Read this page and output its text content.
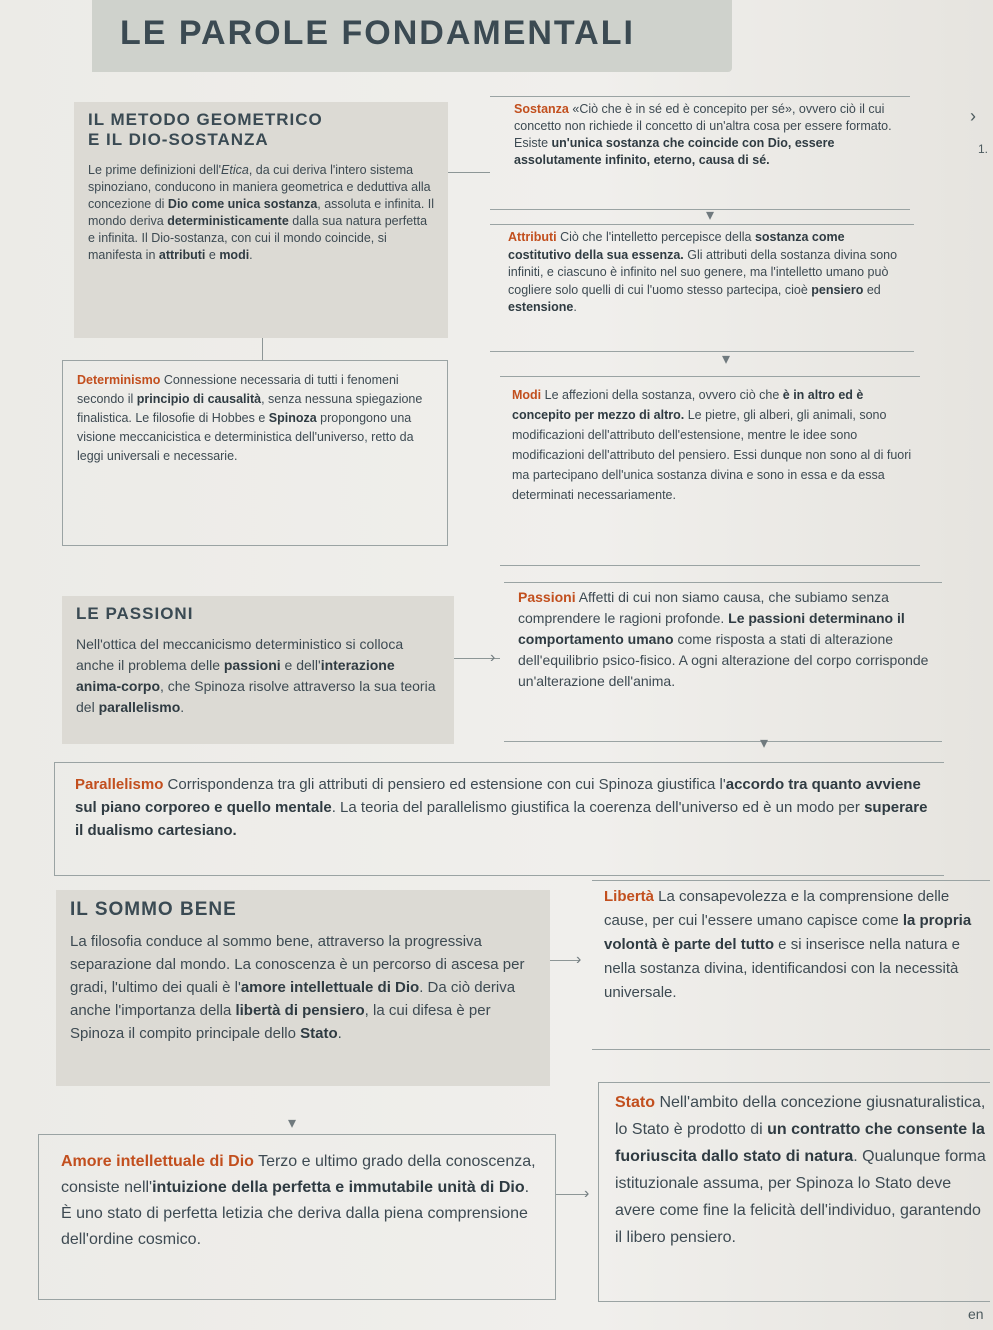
LE PAROLE FONDAMENTALI
IL METODO GEOMETRICO
E IL DIO-SOSTANZA
Le prime definizioni dell'Etica, da cui deriva l'intero sistema spinoziano, conducono in maniera geometrica e deduttiva alla concezione di Dio come unica sostanza, assoluta e infinita. Il mondo deriva deterministicamente dalla sua natura perfetta e infinita. Il Dio-sostanza, con cui il mondo coincide, si manifesta in attributi e modi.
Sostanza «Ciò che è in sé ed è concepito per sé», ovvero ciò il cui concetto non richiede il concetto di un'altra cosa per essere formato. Esiste un'unica sostanza che coincide con Dio, essere assolutamente infinito, eterno, causa di sé.
Attributi Ciò che l'intelletto percepisce della sostanza come costitutivo della sua essenza. Gli attributi della sostanza divina sono infiniti, e ciascuno è infinito nel suo genere, ma l'intelletto umano può cogliere solo quelli di cui l'uomo stesso partecipa, cioè pensiero ed estensione.
Determinismo Connessione necessaria di tutti i fenomeni secondo il principio di causalità, senza nessuna spiegazione finalistica. Le filosofie di Hobbes e Spinoza propongono una visione meccanicistica e deterministica dell'universo, retto da leggi universali e necessarie.
Modi Le affezioni della sostanza, ovvero ciò che è in altro ed è concepito per mezzo di altro. Le pietre, gli alberi, gli animali, sono modificazioni dell'attributo dell'estensione, mentre le idee sono modificazioni dell'attributo del pensiero. Essi dunque non sono al di fuori ma partecipano dell'unica sostanza divina e sono in essa e da essa determinati necessariamente.
LE PASSIONI
Nell'ottica del meccanicismo deterministico si colloca anche il problema delle passioni e dell'interazione anima-corpo, che Spinoza risolve attraverso la sua teoria del parallelismo.
Passioni Affetti di cui non siamo causa, che subiamo senza comprendere le ragioni profonde. Le passioni determinano il comportamento umano come risposta a stati di alterazione dell'equilibrio psico-fisico. A ogni alterazione del corpo corrisponde un'alterazione dell'anima.
Parallelismo Corrispondenza tra gli attributi di pensiero ed estensione con cui Spinoza giustifica l'accordo tra quanto avviene sul piano corporeo e quello mentale. La teoria del parallelismo giustifica la coerenza dell'universo ed è un modo per superare il dualismo cartesiano.
IL SOMMO BENE
La filosofia conduce al sommo bene, attraverso la progressiva separazione dal mondo. La conoscenza è un percorso di ascesa per gradi, l'ultimo dei quali è l'amore intellettuale di Dio. Da ciò deriva anche l'importanza della libertà di pensiero, la cui difesa è per Spinoza il compito principale dello Stato.
Libertà La consapevolezza e la comprensione delle cause, per cui l'essere umano capisce come la propria volontà è parte del tutto e si inserisce nella natura e nella sostanza divina, identificandosi con la necessità universale.
Amore intellettuale di Dio Terzo e ultimo grado della conoscenza, consiste nell'intuizione della perfetta e immutabile unità di Dio. È uno stato di perfetta letizia che deriva dalla piena comprensione dell'ordine cosmico.
Stato Nell'ambito della concezione giusnaturalistica, lo Stato è prodotto di un contratto che consente la fuoriuscita dallo stato di natura. Qualunque forma istituzionale assuma, per Spinoza lo Stato deve avere come fine la felicità dell'individuo, garantendo il libero pensiero.
▾
▾
›
▾
›
▾
›
›
1.
en
